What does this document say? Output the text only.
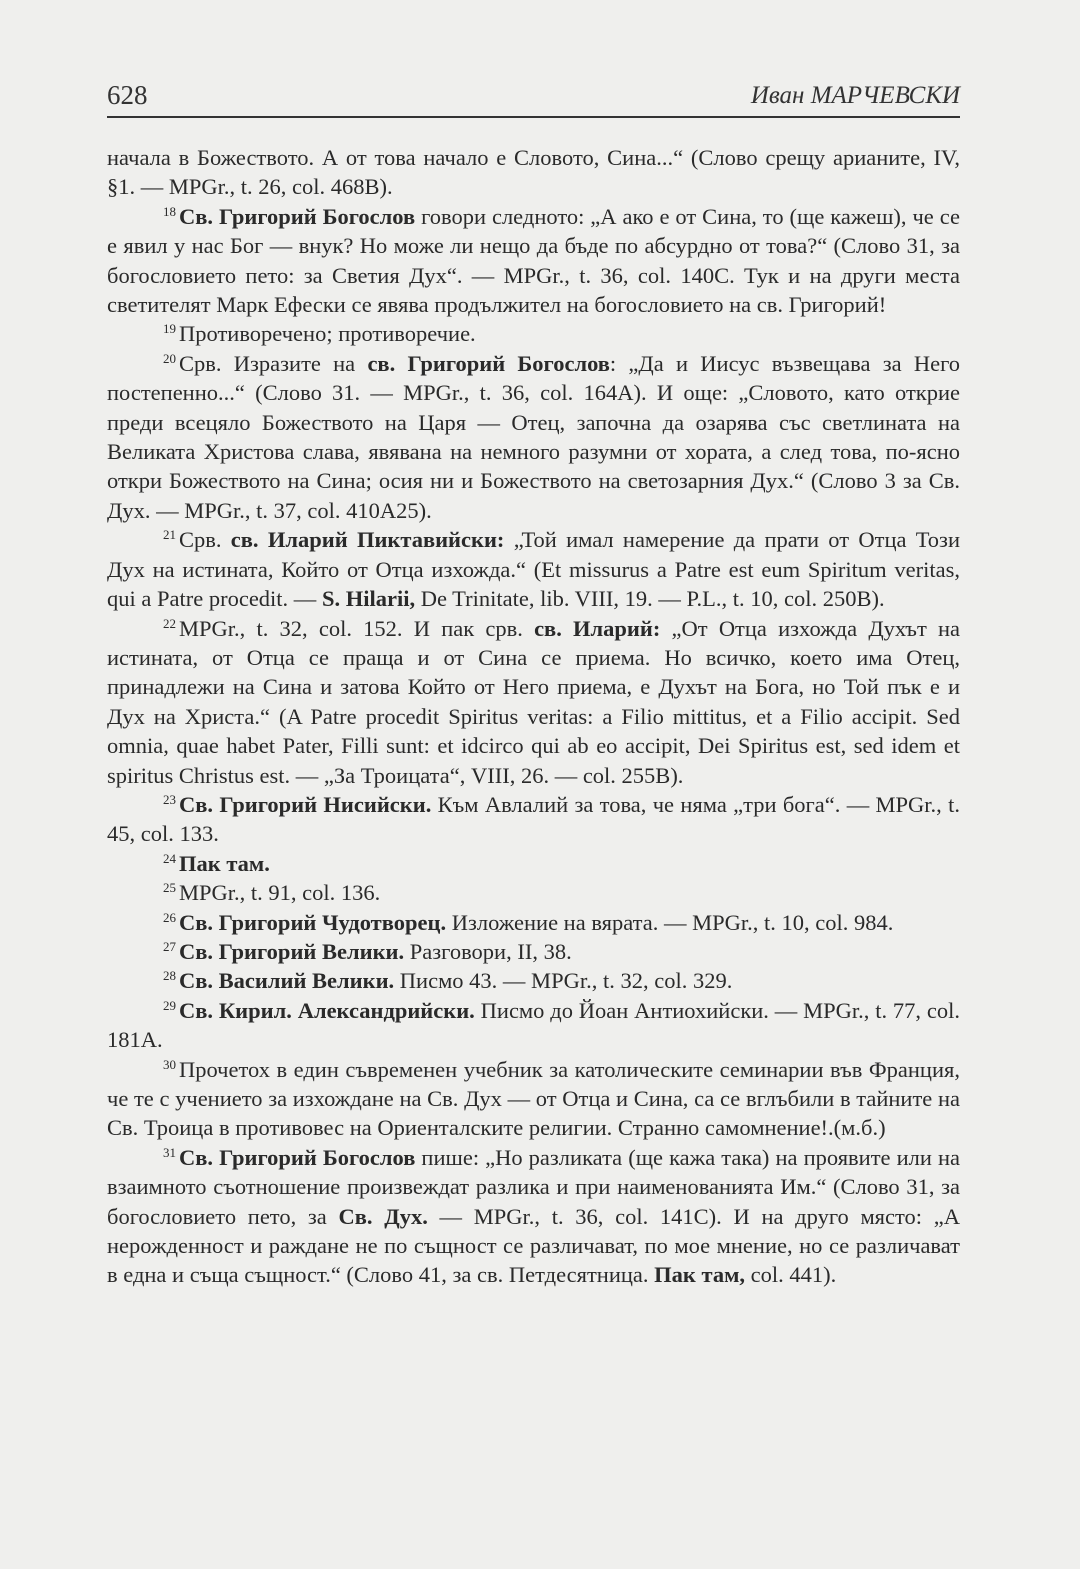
628	Иван МАРЧЕВСКИ

начала в Божеството. А от това начало е Словото, Сина...“ (Слово срещу арианите, IV, §1. — MPGr., t. 26, col. 468B).

$^{18}$ Св. Григорий Богослов говори следното: „А ако е от Сина, то (ще кажеш), че се е явил у нас Бог — внук? Но може ли нещо да бъде по абсурдно от това?“ (Слово 31, за богословието пето: за Светия Дух“. — MPGr., t. 36, col. 140C. Тук и на други места светителят Марк Ефески се явява продължител на богословието на св. Григорий!

$^{19}$ Противоречено; противоречие.

$^{20}$ Срв. Изразите на св. Григорий Богослов: „Да и Иисус възвещава за Него постепенно...“ (Слово 31. — MPGr., t. 36, col. 164A). И още: „Словото, като открие преди всецяло Божеството на Царя — Отец, започна да озарява със светлината на Великата Христова слава, явявана на немного разумни от хората, а след това, по-ясно откри Божеството на Сина; осия ни и Божеството на светозарния Дух.“ (Слово 3 за Св. Дух. — MPGr., t. 37, col. 410A25).

$^{21}$ Срв. св. Иларий Пиктавийски: „Той имал намерение да прати от Отца Този Дух на истината, Който от Отца изхожда.“ (Et missurus a Patre est eum Spiritum veritas, qui a Patre procedit. — S. Hilarii, De Trinitate, lib. VIII, 19. — P.L., t. 10, col. 250B).

$^{22}$ MPGr., t. 32, col. 152. И пак срв. св. Иларий: „От Отца изхожда Духът на истината, от Отца се праща и от Сина се приема. Но всичко, което има Отец, принадлежи на Сина и затова Който от Него приема, е Духът на Бога, но Той пък е и Дух на Христа.“ (A Patre procedit Spiritus veritas: a Filio mittitus, et a Filio accipit. Sed omnia, quae habet Pater, Filli sunt: et idcirco qui ab eo accipit, Dei Spiritus est, sed idem et spiritus Christus est. — „За Троицата“, VIII, 26. — col. 255B).

$^{23}$ Св. Григорий Нисийски. Към Авлалий за това, че няма „три бога“. — MPGr., t. 45, col. 133.

$^{24}$ Пак там.

$^{25}$ MPGr., t. 91, col. 136.

$^{26}$ Св. Григорий Чудотворец. Изложение на вярата. — MPGr., t. 10, col. 984.

$^{27}$ Св. Григорий Велики. Разговори, II, 38.

$^{28}$ Св. Василий Велики. Писмо 43. — MPGr., t. 32, col. 329.

$^{29}$ Св. Кирил. Александрийски. Писмо до Йоан Антиохийски. — MPGr., t. 77, col. 181A.

$^{30}$ Прочетох в един съвременен учебник за католическите семинарии във Франция, че те с учението за изхождане на Св. Дух — от Отца и Сина, са се вглъбили в тайните на Св. Троица в противовес на Ориенталските религии. Странно самомнение!.(м.б.)

$^{31}$ Св. Григорий Богослов пише: „Но разликата (ще кажа така) на проявите или на взаимното съотношение произвеждат разлика и при наименованията Им.“ (Слово 31, за богословието пето, за Св. Дух. — MPGr., t. 36, col. 141C). И на друго място: „А нерожденност и раждане не по същност се различават, по мое мнение, но се различават в една и съща същност.“ (Слово 41, за св. Петдесятница. Пак там, col. 441).
